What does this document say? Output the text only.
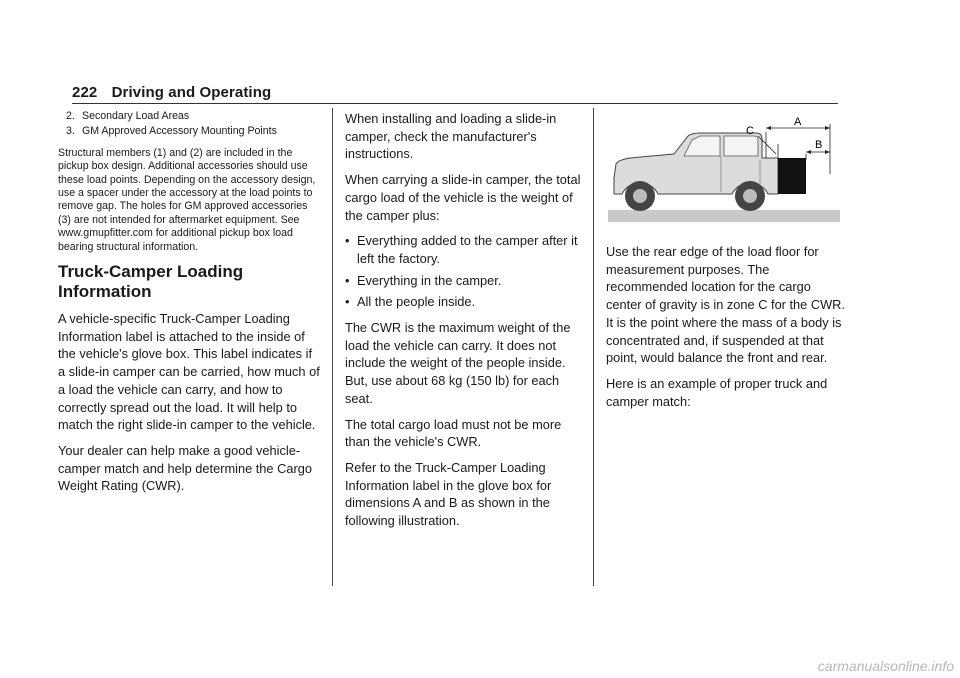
222 Driving and Operating
2. Secondary Load Areas
3. GM Approved Accessory Mounting Points

Structural members (1) and (2) are included in the pickup box design. Additional accessories should use these load points. Depending on the accessory design, use a spacer under the accessory at the load points to remove gap. The holes for GM approved accessories (3) are not intended for aftermarket equipment. See www.gmupfitter.com for additional pickup box load bearing structural information.

Truck-Camper Loading Information

A vehicle-specific Truck-Camper Loading Information label is attached to the inside of the vehicle's glove box. This label indicates if a slide-in camper can be carried, how much of a load the vehicle can carry, and how to correctly spread out the load. It will help to match the right slide-in camper to the vehicle.

Your dealer can help make a good vehicle-camper match and help determine the Cargo Weight Rating (CWR).

When installing and loading a slide-in camper, check the manufacturer's instructions.

When carrying a slide-in camper, the total cargo load of the vehicle is the weight of the camper plus:

• Everything added to the camper after it left the factory.
• Everything in the camper.
• All the people inside.

The CWR is the maximum weight of the load the vehicle can carry. It does not include the weight of the people inside. But, use about 68 kg (150 lb) for each seat.

The total cargo load must not be more than the vehicle's CWR.

Refer to the Truck-Camper Loading Information label in the glove box for dimensions A and B as shown in the following illustration.

C
A
B

Use the rear edge of the load floor for measurement purposes. The recommended location for the cargo center of gravity is in zone C for the CWR. It is the point where the mass of a body is concentrated and, if suspended at that point, would balance the front and rear.

Here is an example of proper truck and camper match:

carmanualsonline.info
